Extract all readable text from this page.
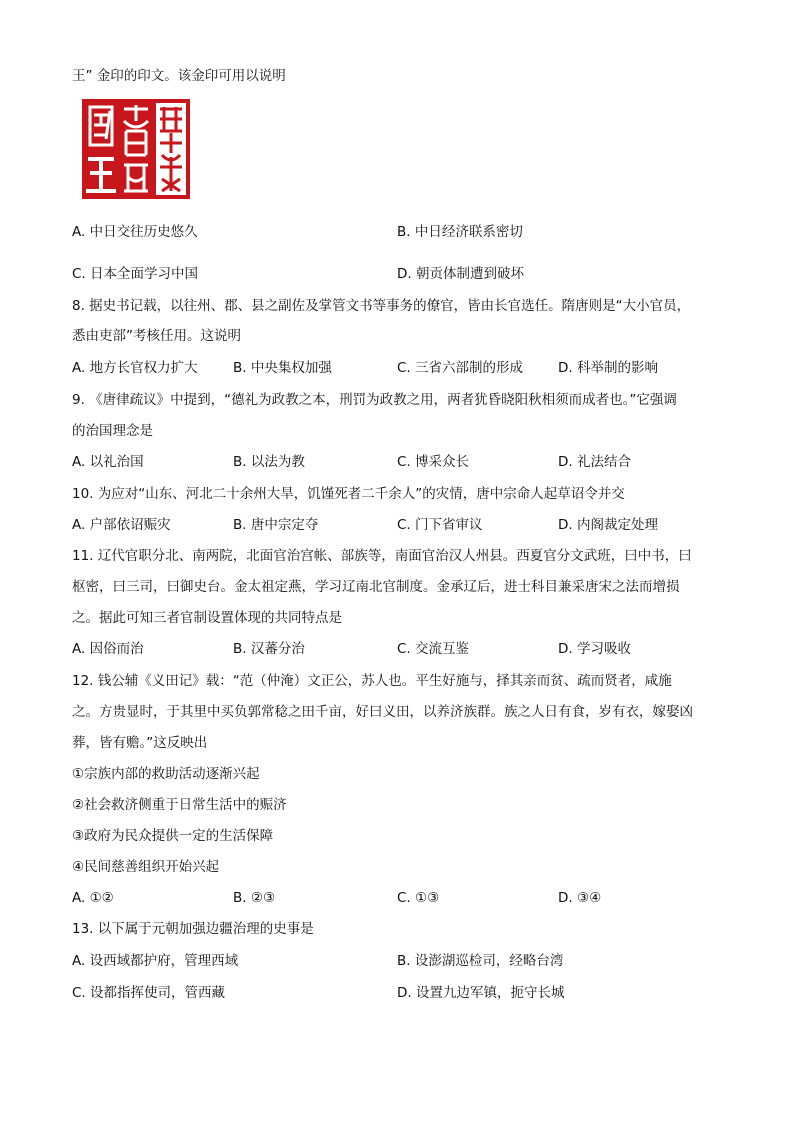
王” 金印的印文。该金印可用以说明
A. 中日交往历史悠久	B. 中日经济联系密切
C. 日本全面学习中国	D. 朝贡体制遭到破坏
8. 据史书记载，以往州、郡、县之副佐及掌管文书等事务的僚官，皆由长官选任。隋唐则是“大小官员，
悉由吏部”考核任用。这说明
A. 地方长官权力扩大	B. 中央集权加强	C. 三省六部制的形成	D. 科举制的影响
9. 《唐律疏议》中提到，“德礼为政教之本，刑罚为政教之用，两者犹昏晓阳秋相须而成者也。”它强调
的治国理念是
A. 以礼治国	B. 以法为教	C. 博采众长	D. 礼法结合
10. 为应对“山东、河北二十余州大旱，饥馑死者二千余人”的灾情，唐中宗命人起草诏令并交
A. 户部依诏赈灾	B. 唐中宗定夺	C. 门下省审议	D. 内阁裁定处理
11. 辽代官职分北、南两院，北面官治宫帐、部族等，南面官治汉人州县。西夏官分文武班，曰中书，曰
枢密，曰三司，曰御史台。金太祖定燕，学习辽南北官制度。金承辽后，进士科目兼采唐宋之法而增损
之。据此可知三者官制设置体现的共同特点是
A. 因俗而治	B. 汉蕃分治	C. 交流互鉴	D. 学习吸收
12. 钱公辅《义田记》载：“范（仲淹）文正公，苏人也。平生好施与，择其亲而贫、疏而贤者，咸施
之。方贵显时，于其里中买负郭常稔之田千亩，好曰义田，以养济族群。族之人日有食，岁有衣，嫁娶凶
葬，皆有赡。”这反映出
①宗族内部的救助活动逐渐兴起
②社会救济侧重于日常生活中的赈济
③政府为民众提供一定的生活保障
④民间慈善组织开始兴起
A. ①②	B. ②③	C. ①③	D. ③④
13. 以下属于元朝加强边疆治理的史事是
A. 设西域都护府，管理西域	B. 设澎湖巡检司，经略台湾
C. 设都指挥使司，管西藏	D. 设置九边军镇，扼守长城
